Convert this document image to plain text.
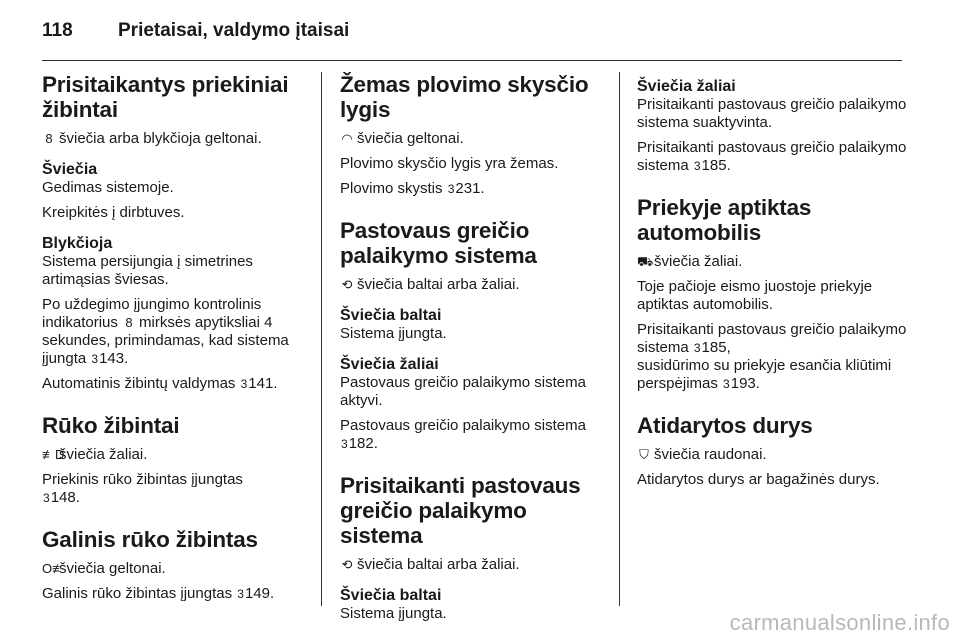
118 Prietaisai, valdymo įtaisai
Prisitaikantys priekiniai žibintai

8 šviečia arba blykčioja geltonai.

Šviečia

Gedimas sistemoje.

Kreipkitės į dirbtuves.

Blykčioja

Sistema persijungia į simetrines artimąsias šviesas.

Po uždegimo įjungimo kontrolinis indikatorius 8 mirksės apytiksliai 4 sekundes, primindamas, kad sistema įjungta 3143.

Automatinis žibintų valdymas 3141.

Rūko žibintai

≢Dšviečia žaliai.

Priekinis rūko žibintas įjungtas
3148.

Galinis rūko žibintas

O≢šviečia geltonai.

Galinis rūko žibintas įjungtas 3149.

Žemas plovimo skysčio lygis

◠ šviečia geltonai.

Plovimo skysčio lygis yra žemas.

Plovimo skystis 3231.

Pastovaus greičio palaikymo sistema

⟲ šviečia baltai arba žaliai.

Šviečia baltai

Sistema įjungta.

Šviečia žaliai

Pastovaus greičio palaikymo sistema aktyvi.

Pastovaus greičio palaikymo sistema
3182.

Prisitaikanti pastovaus greičio palaikymo sistema

⟲ šviečia baltai arba žaliai.

Šviečia baltai

Sistema įjungta.

Šviečia žaliai

Prisitaikanti pastovaus greičio palaikymo sistema suaktyvinta.

Prisitaikanti pastovaus greičio palaikymo sistema 3185.

Priekyje aptiktas automobilis

⛟šviečia žaliai.

Toje pačioje eismo juostoje priekyje aptiktas automobilis.

Prisitaikanti pastovaus greičio palaikymo sistema 3185,
susidūrimo su priekyje esančia kliūtimi perspėjimas 3193.

Atidarytos durys

⛉ šviečia raudonai.

Atidarytos durys ar bagažinės durys.

carmanualsonline.info
